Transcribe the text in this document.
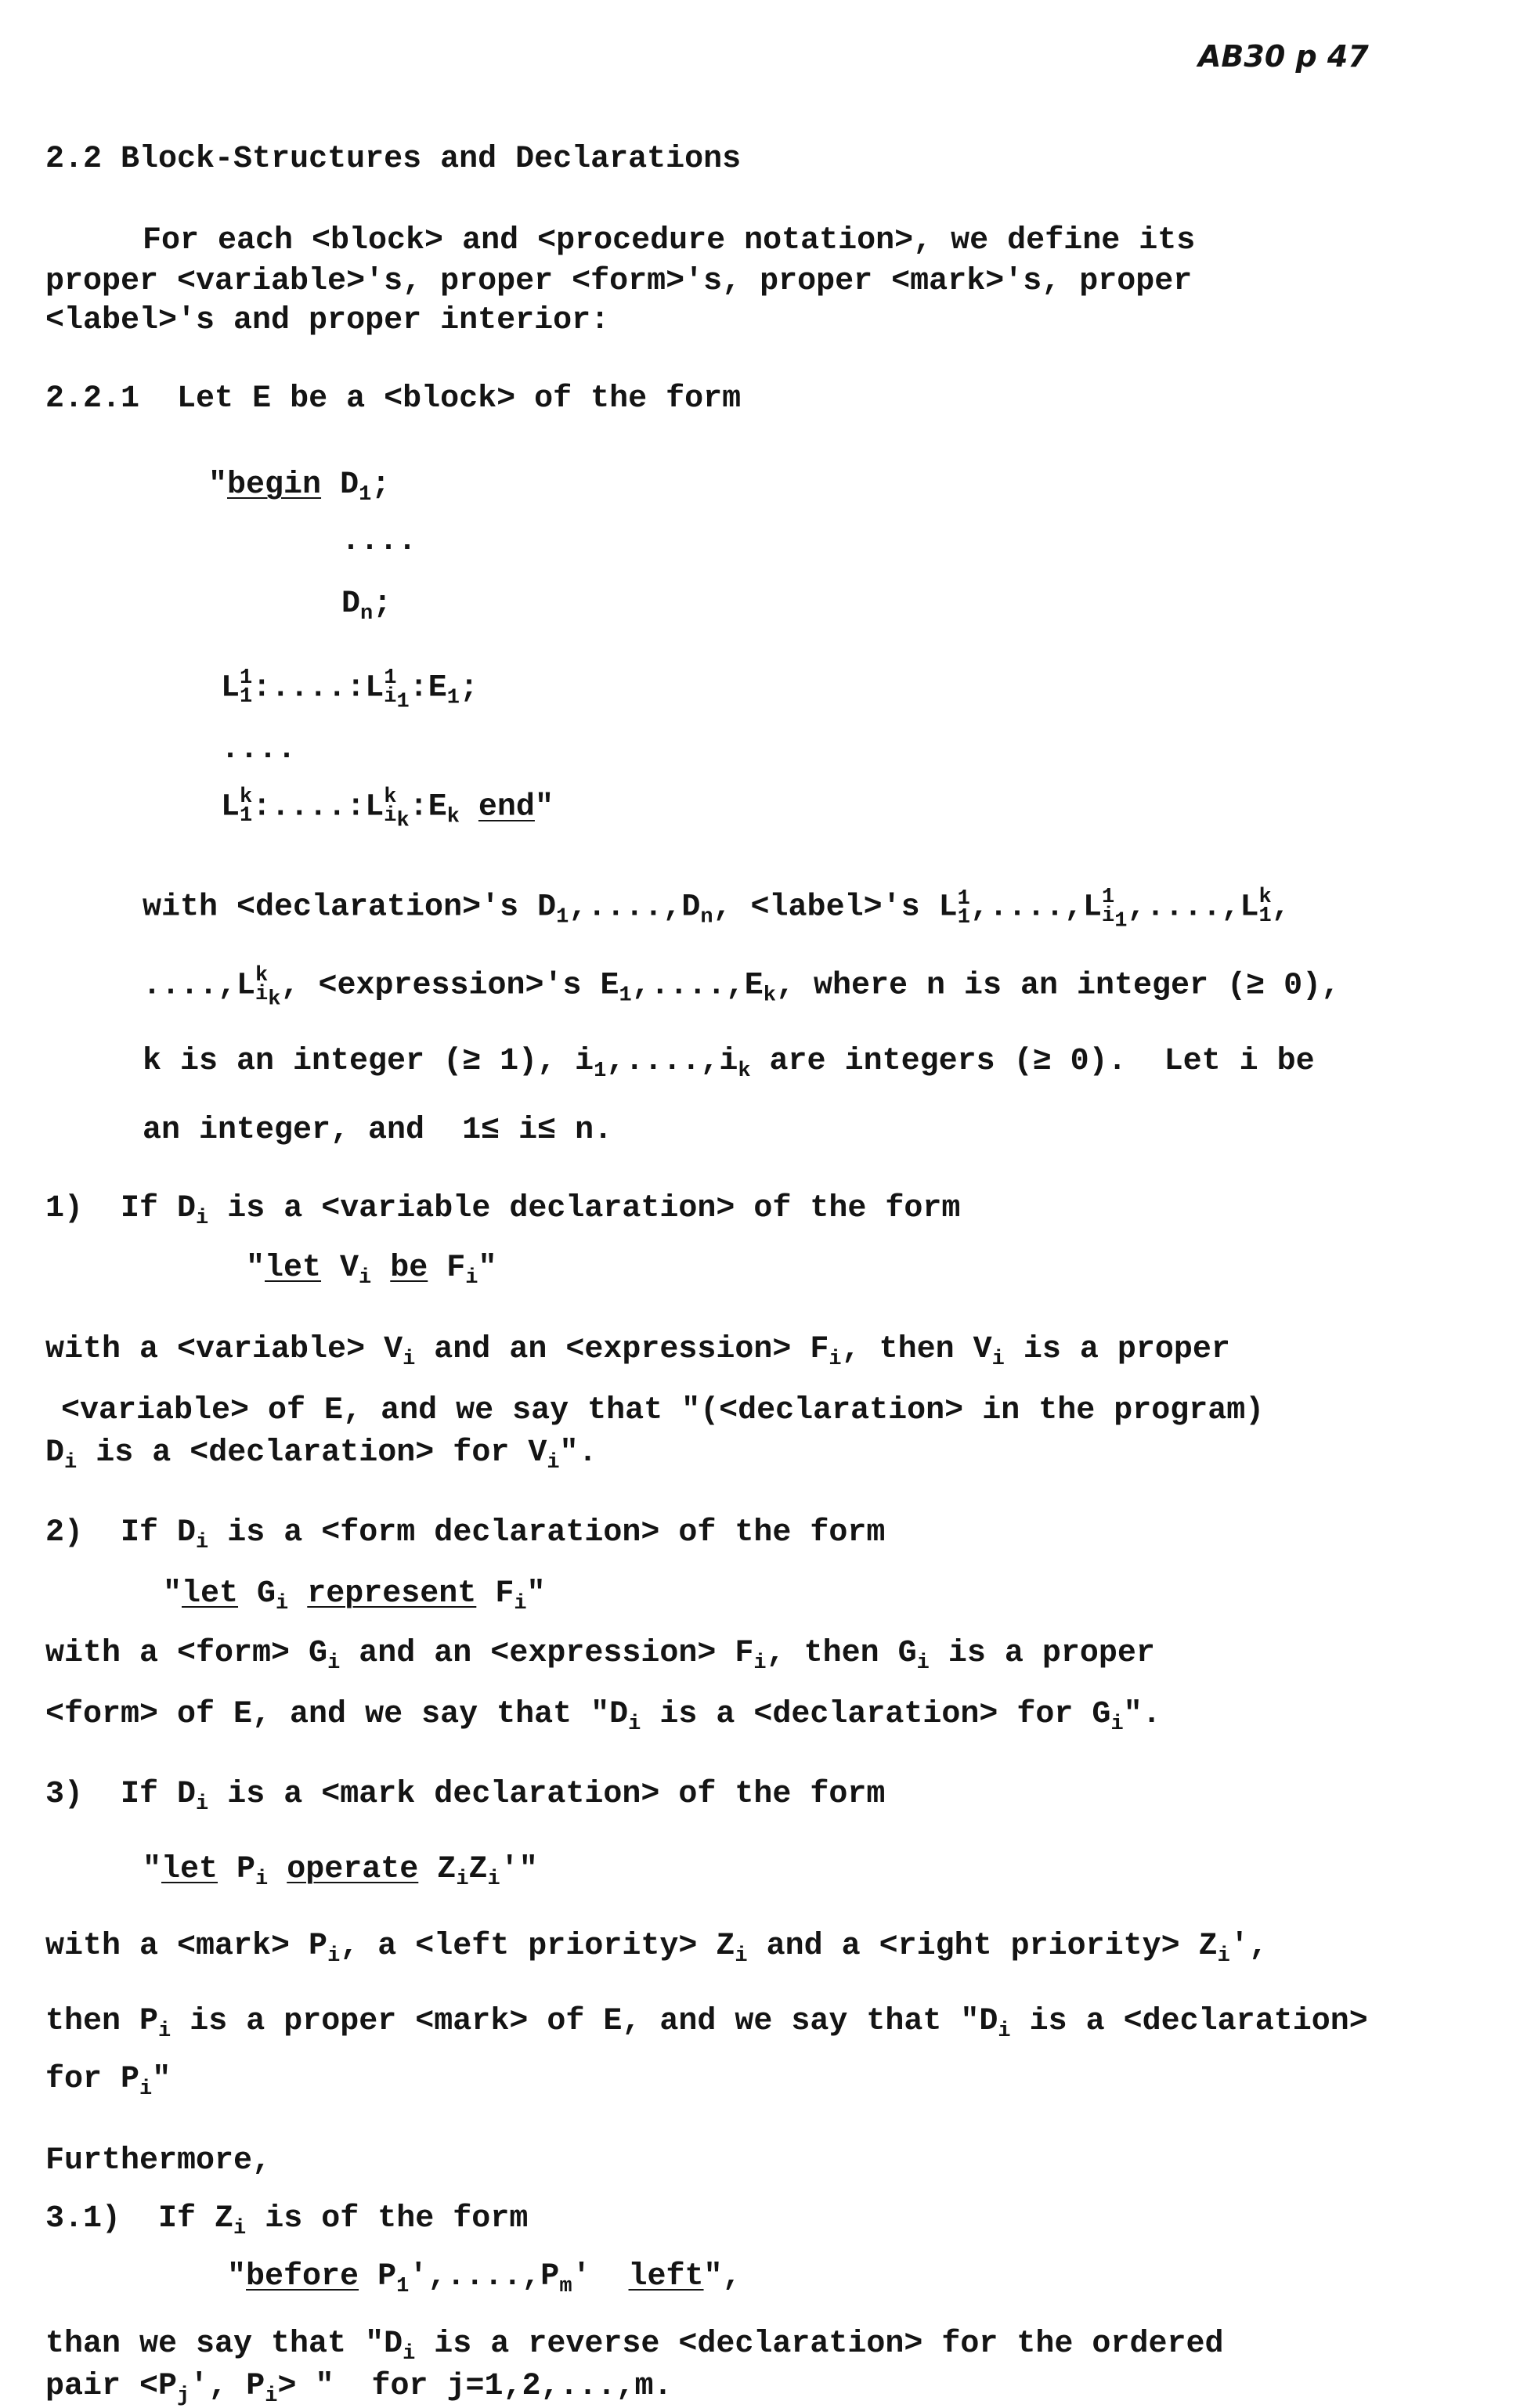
AB30 p 47
2.2 Block-Structures and Declarations
For each <block> and <procedure notation>, we define its
proper <variable>'s, proper <form>'s, proper <mark>'s, proper
<label>'s and proper interior:
2.2.1 Let E be a <block> of the form
"begin $D_1$;
....
$D_n$;
L 1
1 :....:L 1
$i_1$ $:E_1$;
....
L k
1 :....:L k
$i_k$ $:E_k$ end"
with <declaration>'s $D_1,....,D_n$, <label>'s $L^1_1,....,L$ 1
$i_1$ ,....,L k
1 ,
....,L k
$i_k$ , <expression>'s $E_1,....,E_k$, where n is an integer (≥ 0),
k is an integer (≥ 1), $i_1,....,i_k$ are integers (≥ 0).  Let i be
an integer, and  1≤ i≤ n.
1) If $D_i$ is a <variable declaration> of the form
"let $V_i$ be $F_i$"
with a <variable> $V_i$ and an <expression> $F_i$, then $V_i$ is a proper
<variable> of E, and we say that "(<declaration> in the program)
$D_i$ is a <declaration> for $V_i$".
2) If $D_i$ is a <form declaration> of the form
"let $G_i$ represent $F_i$"
with a <form> $G_i$ and an <expression> $F_i$, then $G_i$ is a proper
<form> of E, and we say that "$D_i$ is a <declaration> for $G_i$".
3) If $D_i$ is a <mark declaration> of the form
"let $P_i$ operate $Z_iZ_i'$"
with a <mark> $P_i$, a <left priority> $Z_i$ and a <right priority> $Z_i'$,
then $P_i$ is a proper <mark> of E, and we say that "$D_i$ is a <declaration>
for $P_i$"
Furthermore,
3.1) If $Z_i$ is of the form
"before $P_1',....,P_m'$  left",
than we say that "$D_i$ is a reverse <declaration> for the ordered
pair $<P_j'$, $P_i>$ "  for j=1,2,...,m.
